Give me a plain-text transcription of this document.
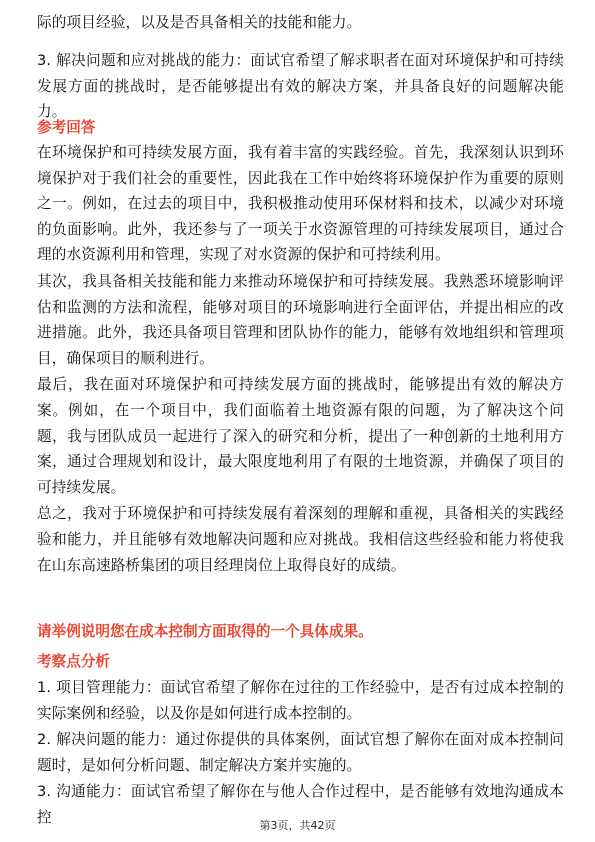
际的项目经验，以及是否具备相关的技能和能力。

3. 解决问题和应对挑战的能力：面试官希望了解求职者在面对环境保护和可持续发展方面的挑战时，是否能够提出有效的解决方案，并具备良好的问题解决能力。

参考回答

在环境保护和可持续发展方面，我有着丰富的实践经验。首先，我深刻认识到环境保护对于我们社会的重要性，因此我在工作中始终将环境保护作为重要的原则之一。例如，在过去的项目中，我积极推动使用环保材料和技术，以减少对环境的负面影响。此外，我还参与了一项关于水资源管理的可持续发展项目，通过合理的水资源利用和管理，实现了对水资源的保护和可持续利用。

其次，我具备相关技能和能力来推动环境保护和可持续发展。我熟悉环境影响评估和监测的方法和流程，能够对项目的环境影响进行全面评估，并提出相应的改进措施。此外，我还具备项目管理和团队协作的能力，能够有效地组织和管理项目，确保项目的顺利进行。

最后，我在面对环境保护和可持续发展方面的挑战时，能够提出有效的解决方案。例如，在一个项目中，我们面临着土地资源有限的问题，为了解决这个问题，我与团队成员一起进行了深入的研究和分析，提出了一种创新的土地利用方案，通过合理规划和设计，最大限度地利用了有限的土地资源，并确保了项目的可持续发展。

总之，我对于环境保护和可持续发展有着深刻的理解和重视，具备相关的实践经验和能力，并且能够有效地解决问题和应对挑战。我相信这些经验和能力将使我在山东高速路桥集团的项目经理岗位上取得良好的成绩。

请举例说明您在成本控制方面取得的一个具体成果。
考察点分析

1. 项目管理能力：面试官希望了解你在过往的工作经验中，是否有过成本控制的实际案例和经验，以及你是如何进行成本控制的。

2. 解决问题的能力：通过你提供的具体案例，面试官想了解你在面对成本控制问题时，是如何分析问题、制定解决方案并实施的。

3. 沟通能力：面试官希望了解你在与他人合作过程中，是否能够有效地沟通成本控	第3页，共42页
